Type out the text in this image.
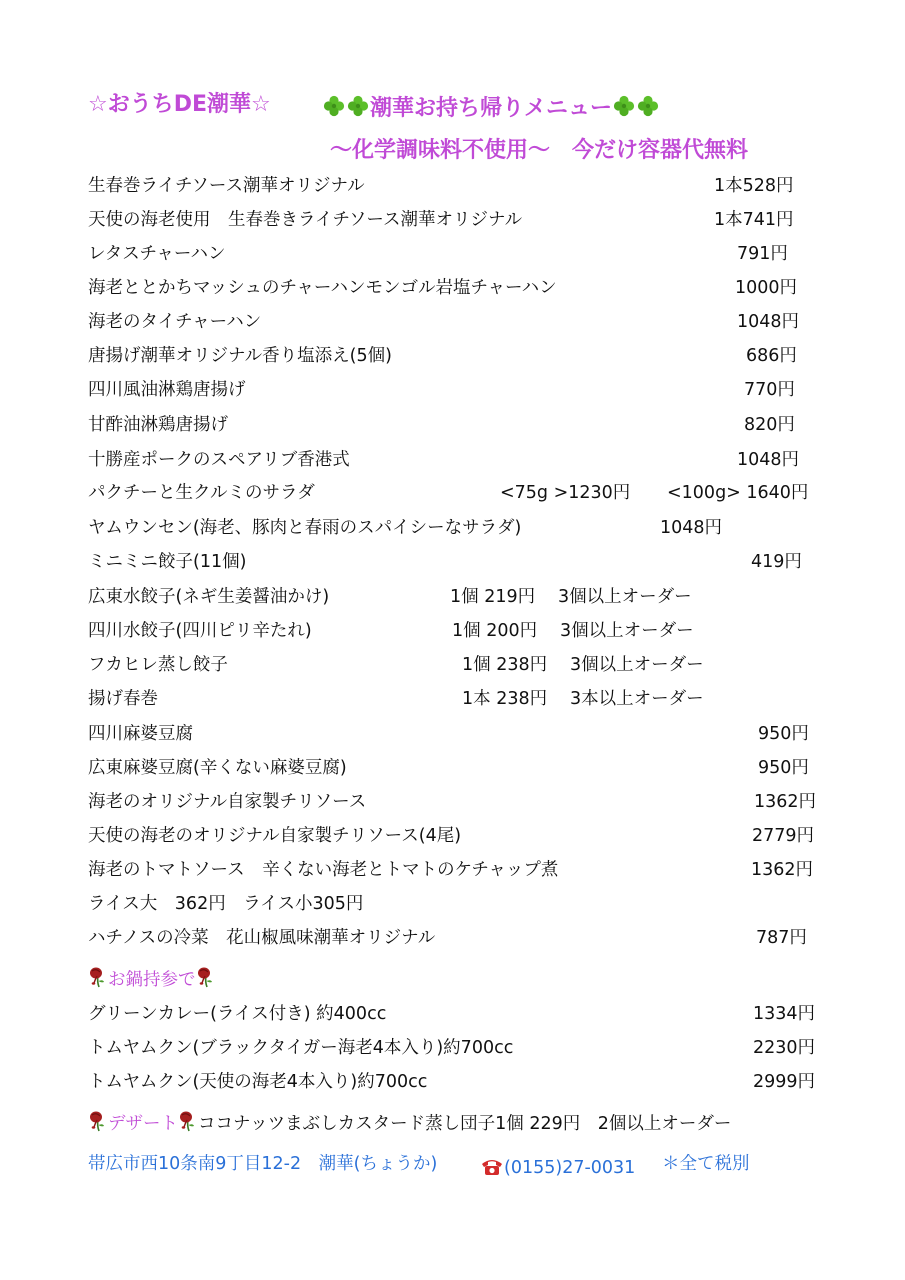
☆おうちDE潮華☆	潮華お持ち帰りメニュー
〜化学調味料不使用〜　今だけ容器代無料
生春巻ライチソース潮華オリジナル	1本528円
天使の海老使用　生春巻きライチソース潮華オリジナル	1本741円
レタスチャーハン	791円
海老ととかちマッシュのチャーハンモンゴル岩塩チャーハン	1000円
海老のタイチャーハン	1048円
唐揚げ潮華オリジナル香り塩添え(5個)	686円
四川風油淋鶏唐揚げ	770円
甘酢油淋鶏唐揚げ	820円
十勝産ポークのスペアリブ香港式	1048円
パクチーと生クルミのサラダ	<75g >1230円 <100g> 1640円
ヤムウンセン(海老、豚肉と春雨のスパイシーなサラダ)	1048円
ミニミニ餃子(11個)	419円
広東水餃子(ネギ生姜醤油かけ)	1個 219円 3個以上オーダー
四川水餃子(四川ピリ辛たれ)	1個 200円 3個以上オーダー
フカヒレ蒸し餃子	1個 238円 3個以上オーダー
揚げ春巻	1本 238円 3本以上オーダー
四川麻婆豆腐	950円
広東麻婆豆腐(辛くない麻婆豆腐)	950円
海老のオリジナル自家製チリソース	1362円
天使の海老のオリジナル自家製チリソース(4尾)	2779円
海老のトマトソース　辛くない海老とトマトのケチャップ煮	1362円
ライス大　362円　ライス小305円
ハチノスの冷菜　花山椒風味潮華オリジナル	787円
お鍋持参で
グリーンカレー(ライス付き) 約400cc	1334円
トムヤムクン(ブラックタイガー海老4本入り)約700cc	2230円
トムヤムクン(天使の海老4本入り)約700cc	2999円
デザート ココナッツまぶしカスタード蒸し団子1個 229円　2個以上オーダー
帯広市西10条南9丁目12-2　潮華(ちょうか)	(0155)27-0031 ＊全て税別
